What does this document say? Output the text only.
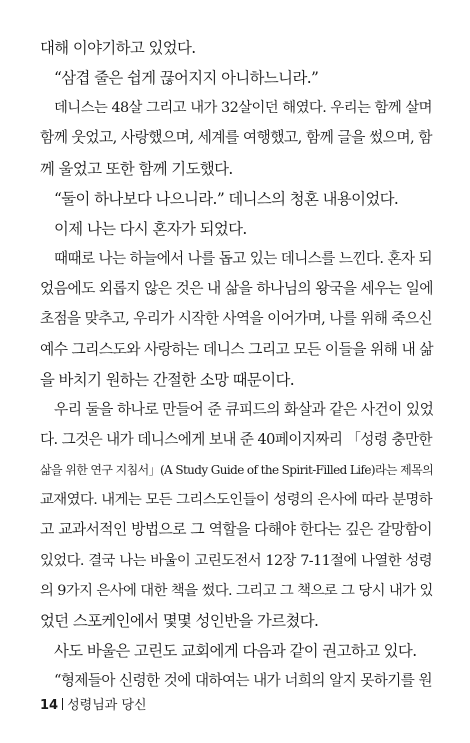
대해 이야기하고 있었다.
“삼겹 줄은 쉽게 끊어지지 아니하느니라.”
데니스는 48살 그리고 내가 32살이던 해였다. 우리는 함께 살며
함께 웃었고, 사랑했으며, 세계를 여행했고, 함께 글을 썼으며, 함
께 울었고 또한 함께 기도했다.
“둘이 하나보다 나으니라.” 데니스의 청혼 내용이었다.
이제 나는 다시 혼자가 되었다.
때때로 나는 하늘에서 나를 돕고 있는 데니스를 느낀다. 혼자 되
었음에도 외롭지 않은 것은 내 삶을 하나님의 왕국을 세우는 일에
초점을 맞추고, 우리가 시작한 사역을 이어가며, 나를 위해 죽으신
예수 그리스도와 사랑하는 데니스 그리고 모든 이들을 위해 내 삶
을 바치기 원하는 간절한 소망 때문이다.
우리 둘을 하나로 만들어 준 큐피드의 화살과 같은 사건이 있었
다. 그것은 내가 데니스에게 보내 준 40페이지짜리 「성령 충만한
삶을 위한 연구 지침서」(A Study Guide of the Spirit-Filled Life)라는 제목의
교재였다. 내게는 모든 그리스도인들이 성령의 은사에 따라 분명하
고 교과서적인 방법으로 그 역할을 다해야 한다는 깊은 갈망함이
있었다. 결국 나는 바울이 고린도전서 12장 7-11절에 나열한 성령
의 9가지 은사에 대한 책을 썼다. 그리고 그 책으로 그 당시 내가 있
었던 스포케인에서 몇몇 성인반을 가르쳤다.
사도 바울은 고린도 교회에게 다음과 같이 권고하고 있다.
“형제들아 신령한 것에 대하여는 내가 너희의 알지 못하기를 원
14 성령님과 당신
